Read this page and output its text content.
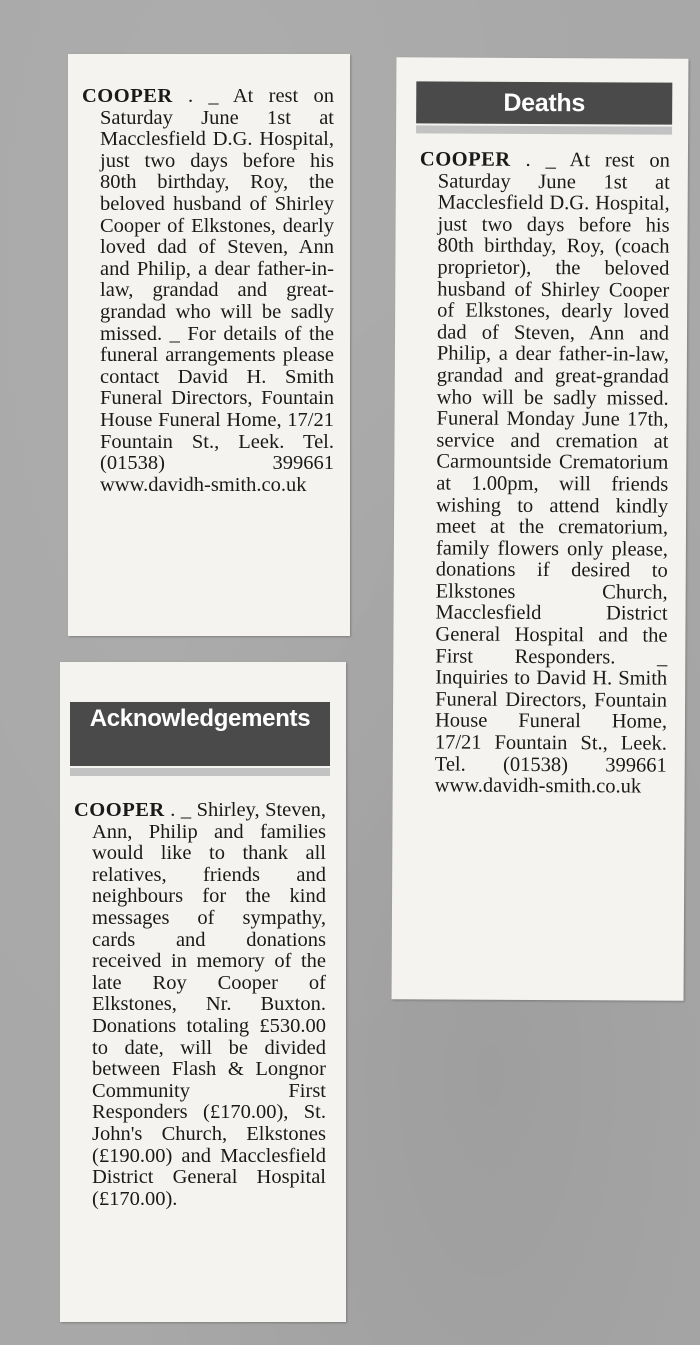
COOPER . _ At rest on Saturday June 1st at Macclesfield D.G. Hospital, just two days before his 80th birthday, Roy, the beloved husband of Shirley Cooper of Elkstones, dearly loved dad of Steven, Ann and Philip, a dear father-in-law, grandad and great-grandad who will be sadly missed. _ For details of the funeral arrangements please contact David H. Smith Funeral Directors, Fountain House Funeral Home, 17/21 Fountain St., Leek. Tel. (01538) 399661 www.davidh-smith.co.uk

Deaths

COOPER . _ At rest on Saturday June 1st at Macclesfield D.G. Hospital, just two days before his 80th birthday, Roy, (coach proprietor), the beloved husband of Shirley Cooper of Elkstones, dearly loved dad of Steven, Ann and Philip, a dear father-in-law, grandad and great-grandad who will be sadly missed. Funeral Monday June 17th, service and cremation at Carmountside Crematorium at 1.00pm, will friends wishing to attend kindly meet at the crematorium, family flowers only please, donations if desired to Elkstones Church, Macclesfield District General Hospital and the First Responders. _ Inquiries to David H. Smith Funeral Directors, Fountain House Funeral Home, 17/21 Fountain St., Leek. Tel. (01538) 399661 www.davidh-smith.co.uk

Acknowledgements

COOPER . _ Shirley, Steven, Ann, Philip and families would like to thank all relatives, friends and neighbours for the kind messages of sympathy, cards and donations received in memory of the late Roy Cooper of Elkstones, Nr. Buxton. Donations totaling £530.00 to date, will be divided between Flash & Longnor Community First Responders (£170.00), St. John's Church, Elkstones (£190.00) and Macclesfield District General Hospital (£170.00).
